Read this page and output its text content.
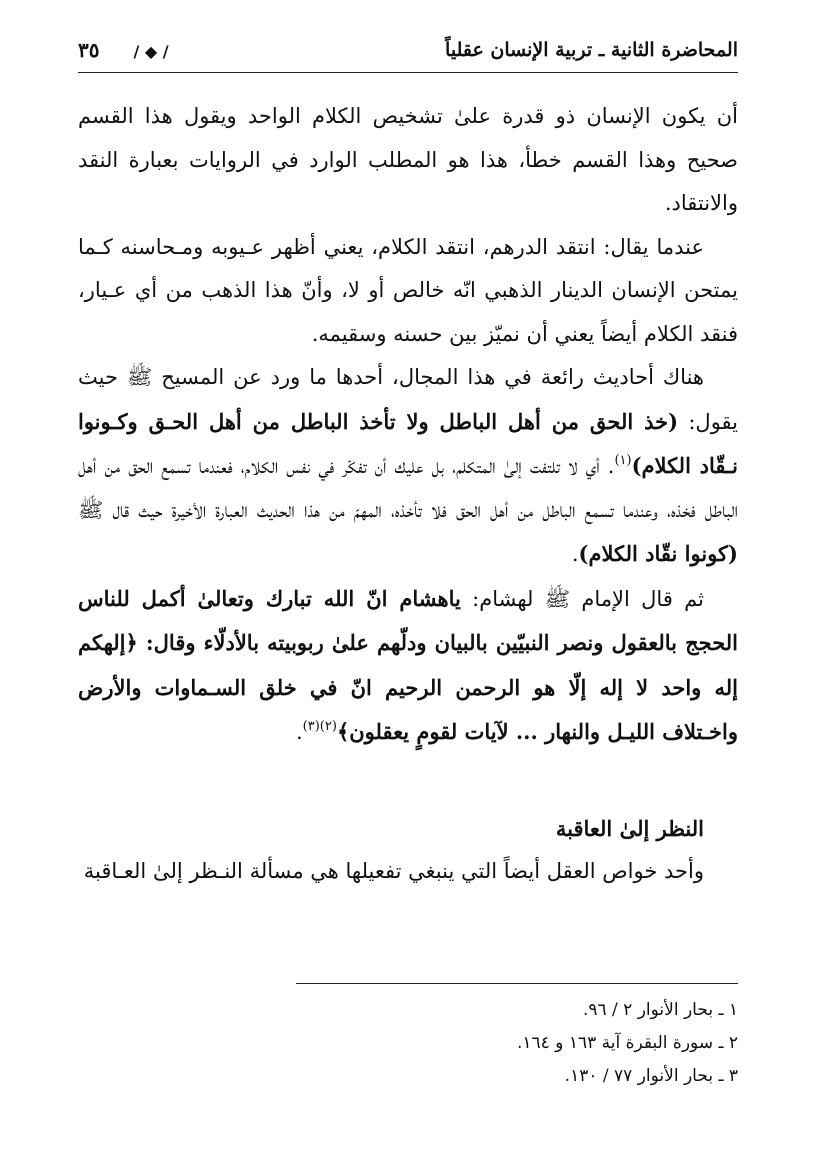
المحاضرة الثانية ـ تربية الإنسان عقلياً
/ ◆ /٣٥

أن يكون الإنسان ذو قدرة علىٰ تشخيص الكلام الواحد ويقول هذا القسم صحيح وهذا القسم خطأ، هذا هو المطلب الوارد في الروايات بعبارة النقد والانتقاد.

عندما يقال: انتقد الدرهم، انتقد الكلام، يعني أظهر عـيوبه ومـحاسنه كـما يمتحن الإنسان الدينار الذهبي انّه خالص أو لا، وأنّ هذا الذهب من أي عـيار، فنقد الكلام أيضاً يعني أن نميّز بين حسنه وسقيمه.

هناك أحاديث رائعة في هذا المجال، أحدها ما ورد عن المسيح ﷺ حيث يقول: (خذ الحق من أهل الباطل ولا تأخذ الباطل من أهل الحـق وكـونوا نـقّاد الكلام)$^{(١)}$. أي لا تلتفت إلىٰ المتكلم، بل عليك أن تفكّر في نفس الكلام، فعندما تسمع الحق من أهل الباطل فخذه، وعندما تسمع الباطل من أهل الحق فلا تأخذه، المهمّ من هذا الحديث العبارة الأخيرة حيث قال ﷺ (كونوا نقّاد الكلام).

ثم قال الإمام ﷺ لهشام: ياهشام انّ الله تبارك وتعالىٰ أكمل للناس الحجج بالعقول ونصر النبيّين بالبيان ودلّهم علىٰ ربوبيته بالأدلّاء وقال: ﴿إلهكم إله واحد لا إله إلّا هو الرحمن الرحيم انّ في خلق السـماوات والأرض واخـتلاف الليـل والنهار ... لآيات لقومٍ يعقلون﴾$^{(٢)(٣)}$.

النظر إلىٰ العاقبة

وأحد خواص العقل أيضاً التي ينبغي تفعيلها هي مسألة النـظر إلىٰ العـاقبة

١ ـ بحار الأنوار ٢ / ٩٦.
٢ ـ سورة البقرة آية ١٦٣ و ١٦٤.
٣ ـ بحار الأنوار ٧٧ / ١٣٠.
